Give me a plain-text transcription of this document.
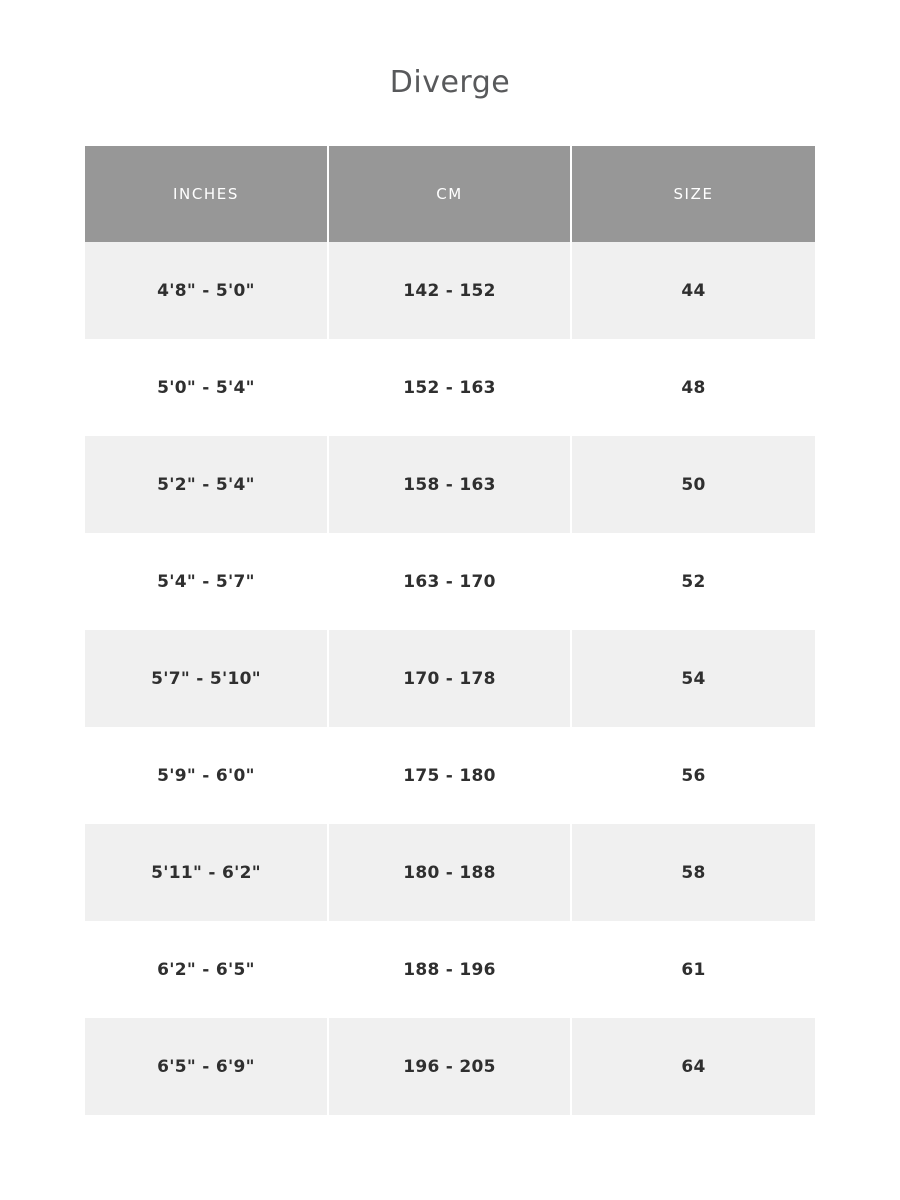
Diverge
INCHES	CM	SIZE
4'8" - 5'0"	142 - 152	44
5'0" - 5'4"	152 - 163	48
5'2" - 5'4"	158 - 163	50
5'4" - 5'7"	163 - 170	52
5'7" - 5'10"	170 - 178	54
5'9" - 6'0"	175 - 180	56
5'11" - 6'2"	180 - 188	58
6'2" - 6'5"	188 - 196	61
6'5" - 6'9"	196 - 205	64
